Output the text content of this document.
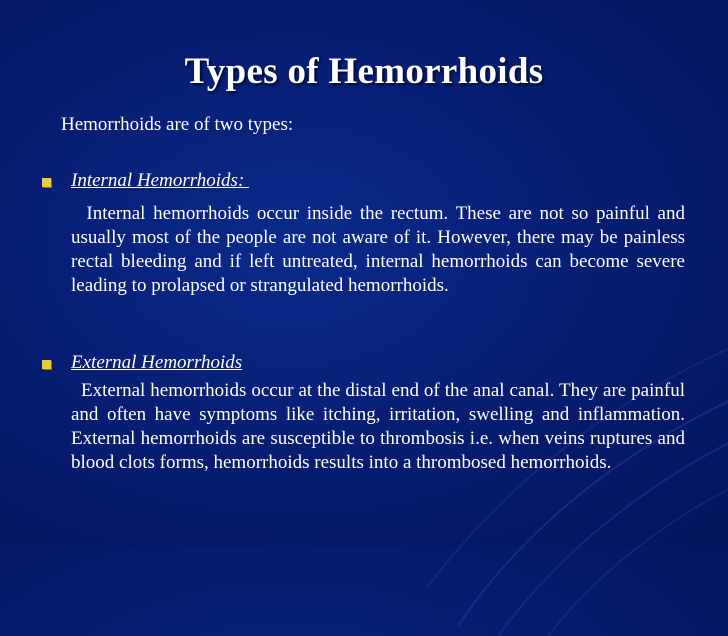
Types of Hemorrhoids
Hemorrhoids are of two types:
Internal Hemorrhoids:
Internal hemorrhoids occur inside the rectum. These are not so painful and usually most of the people are not aware of it. However, there may be painless rectal bleeding and if left untreated, internal hemorrhoids can become severe leading to prolapsed or strangulated hemorrhoids.
External Hemorrhoids
External hemorrhoids occur at the distal end of the anal canal. They are painful and often have symptoms like itching, irritation, swelling and inflammation. External hemorrhoids are susceptible to thrombosis i.e. when veins ruptures and blood clots forms, hemorrhoids results into a thrombosed hemorrhoids.
